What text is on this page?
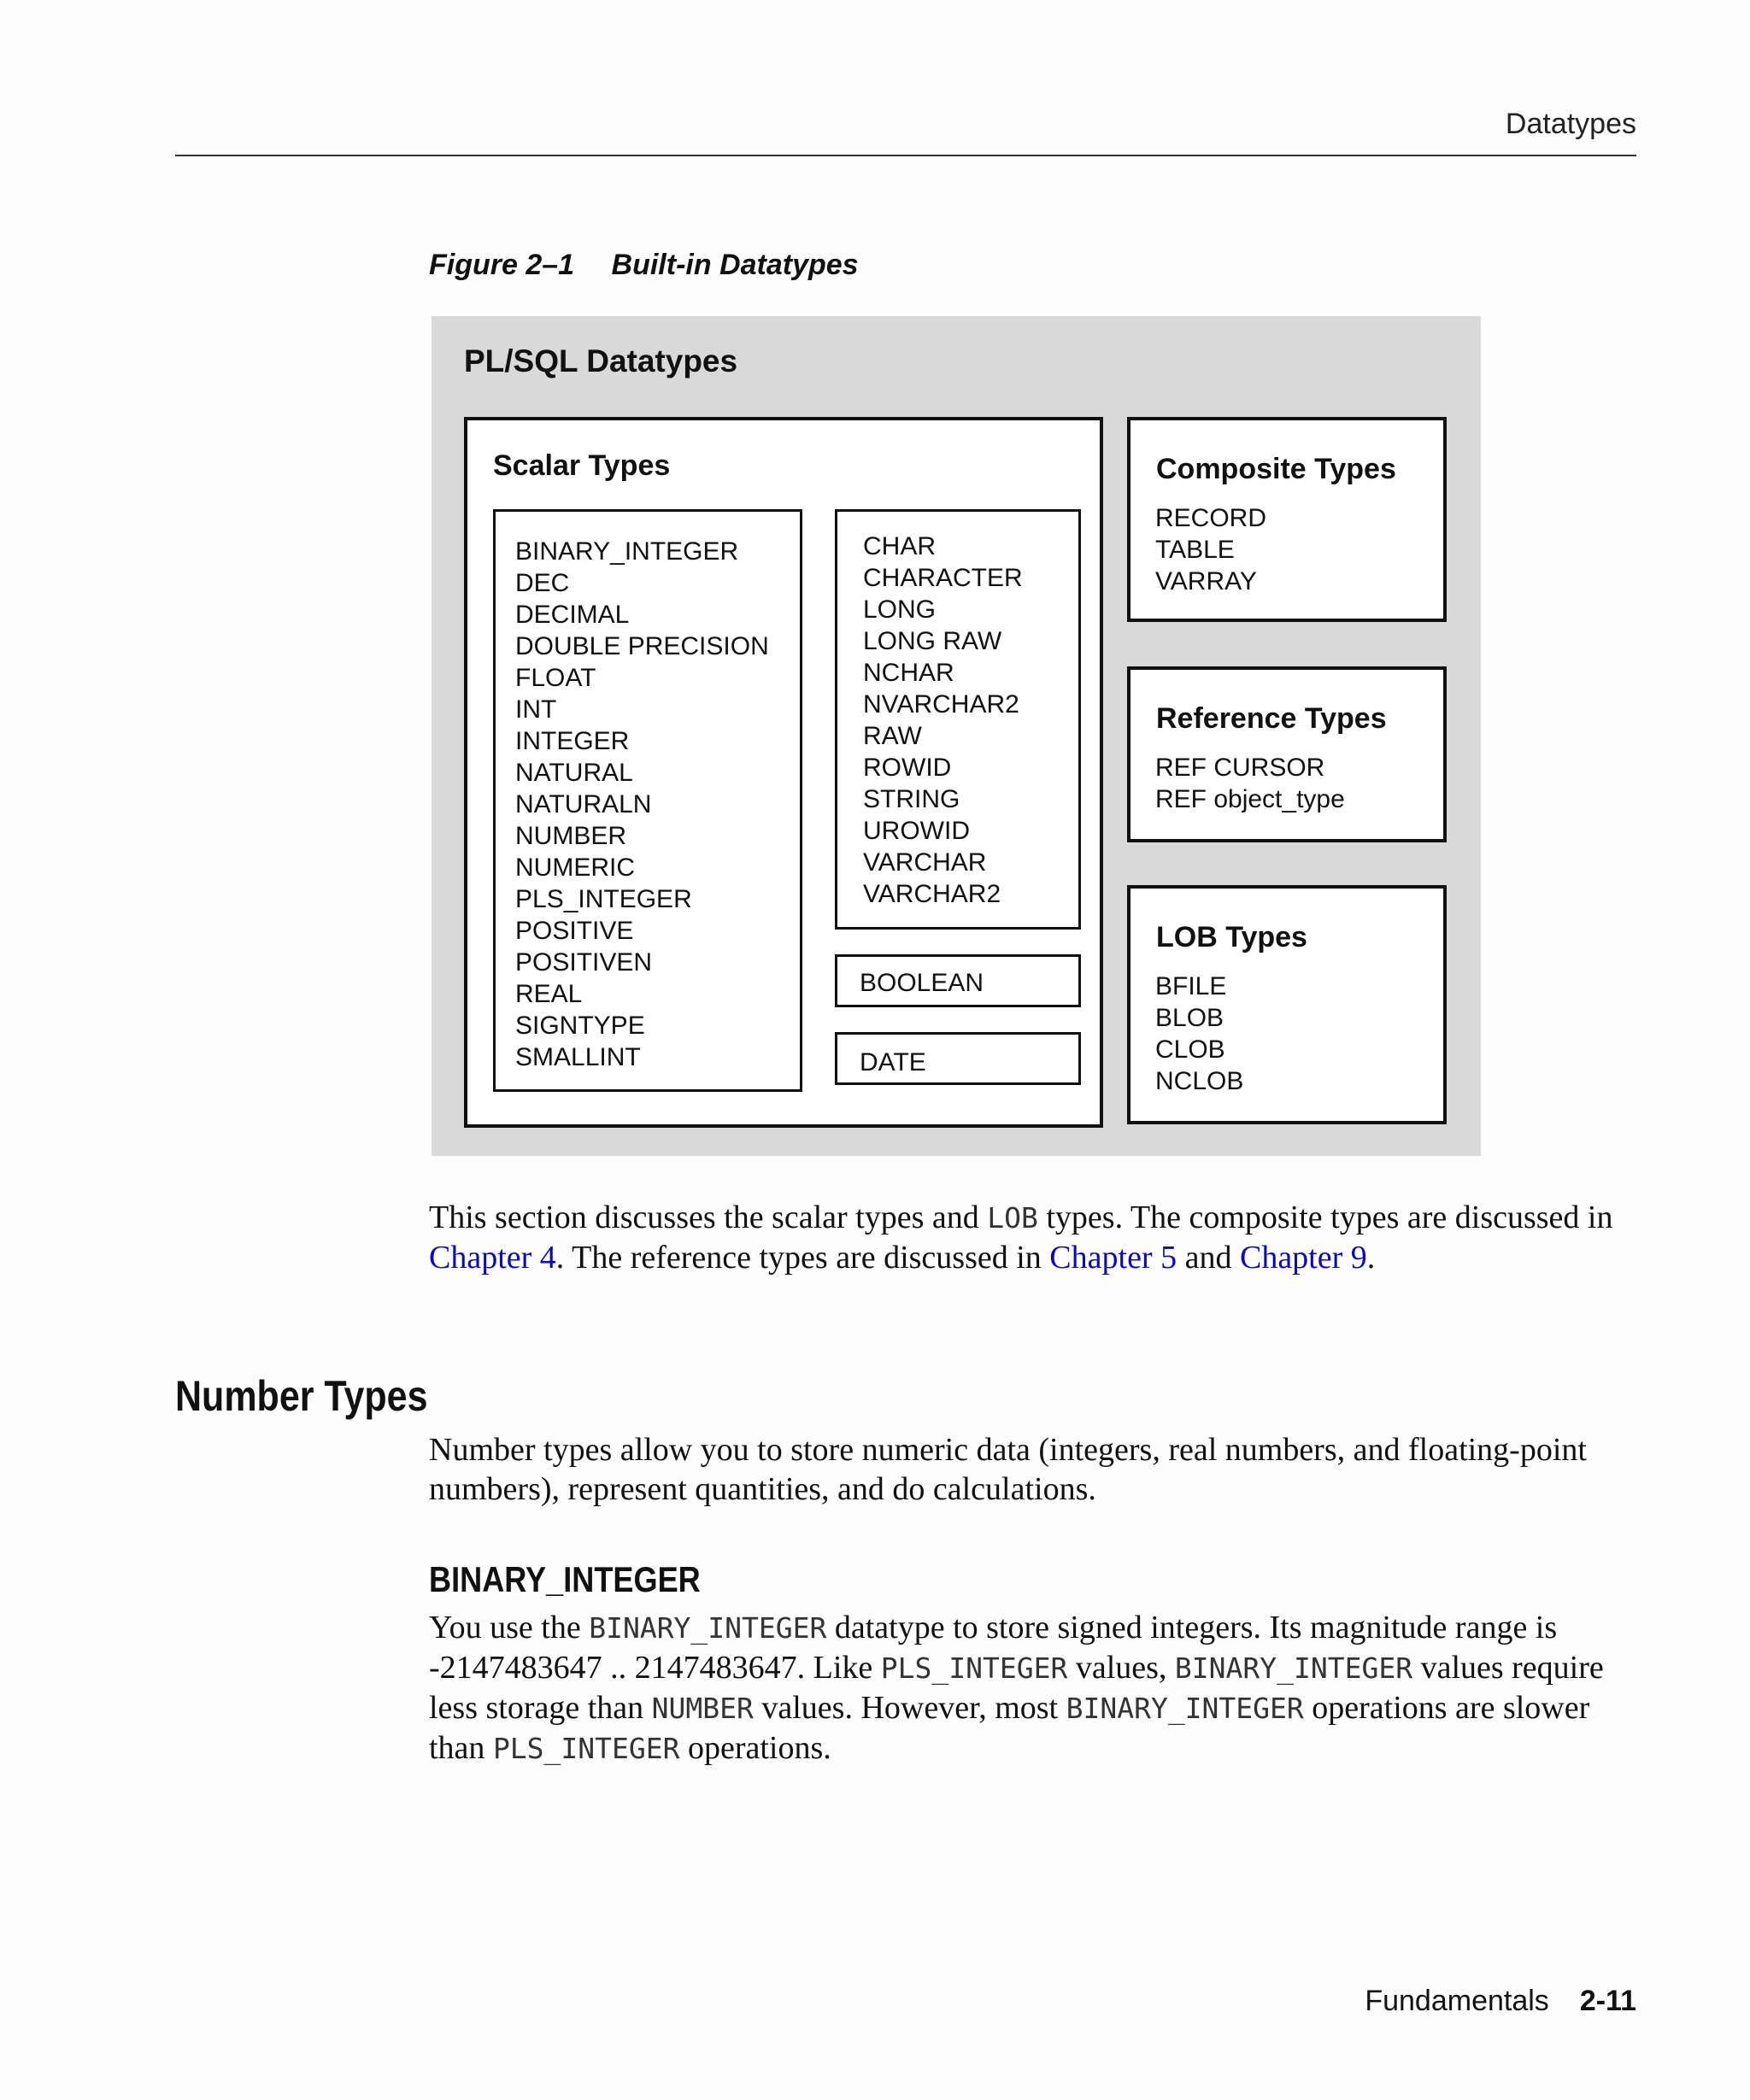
Datatypes
Figure 2–1 Built-in Datatypes
PL/SQL Datatypes
Scalar Types
BINARY_INTEGER
DEC
DECIMAL
DOUBLE PRECISION
FLOAT
INT
INTEGER
NATURAL
NATURALN
NUMBER
NUMERIC
PLS_INTEGER
POSITIVE
POSITIVEN
REAL
SIGNTYPE
SMALLINT
CHAR
CHARACTER
LONG
LONG RAW
NCHAR
NVARCHAR2
RAW
ROWID
STRING
UROWID
VARCHAR
VARCHAR2
BOOLEAN
DATE
Composite Types
RECORD
TABLE
VARRAY
Reference Types
REF CURSOR
REF object_type
LOB Types
BFILE
BLOB
CLOB
NCLOB

This section discusses the scalar types and LOB types. The composite types are discussed in Chapter 4. The reference types are discussed in Chapter 5 and Chapter 9.

Number Types

Number types allow you to store numeric data (integers, real numbers, and floating-point numbers), represent quantities, and do calculations.

BINARY_INTEGER

You use the BINARY_INTEGER datatype to store signed integers. Its magnitude range is -2147483647 .. 2147483647. Like PLS_INTEGER values, BINARY_INTEGER values require less storage than NUMBER values. However, most BINARY_INTEGER operations are slower than PLS_INTEGER operations.

Fundamentals 2-11
